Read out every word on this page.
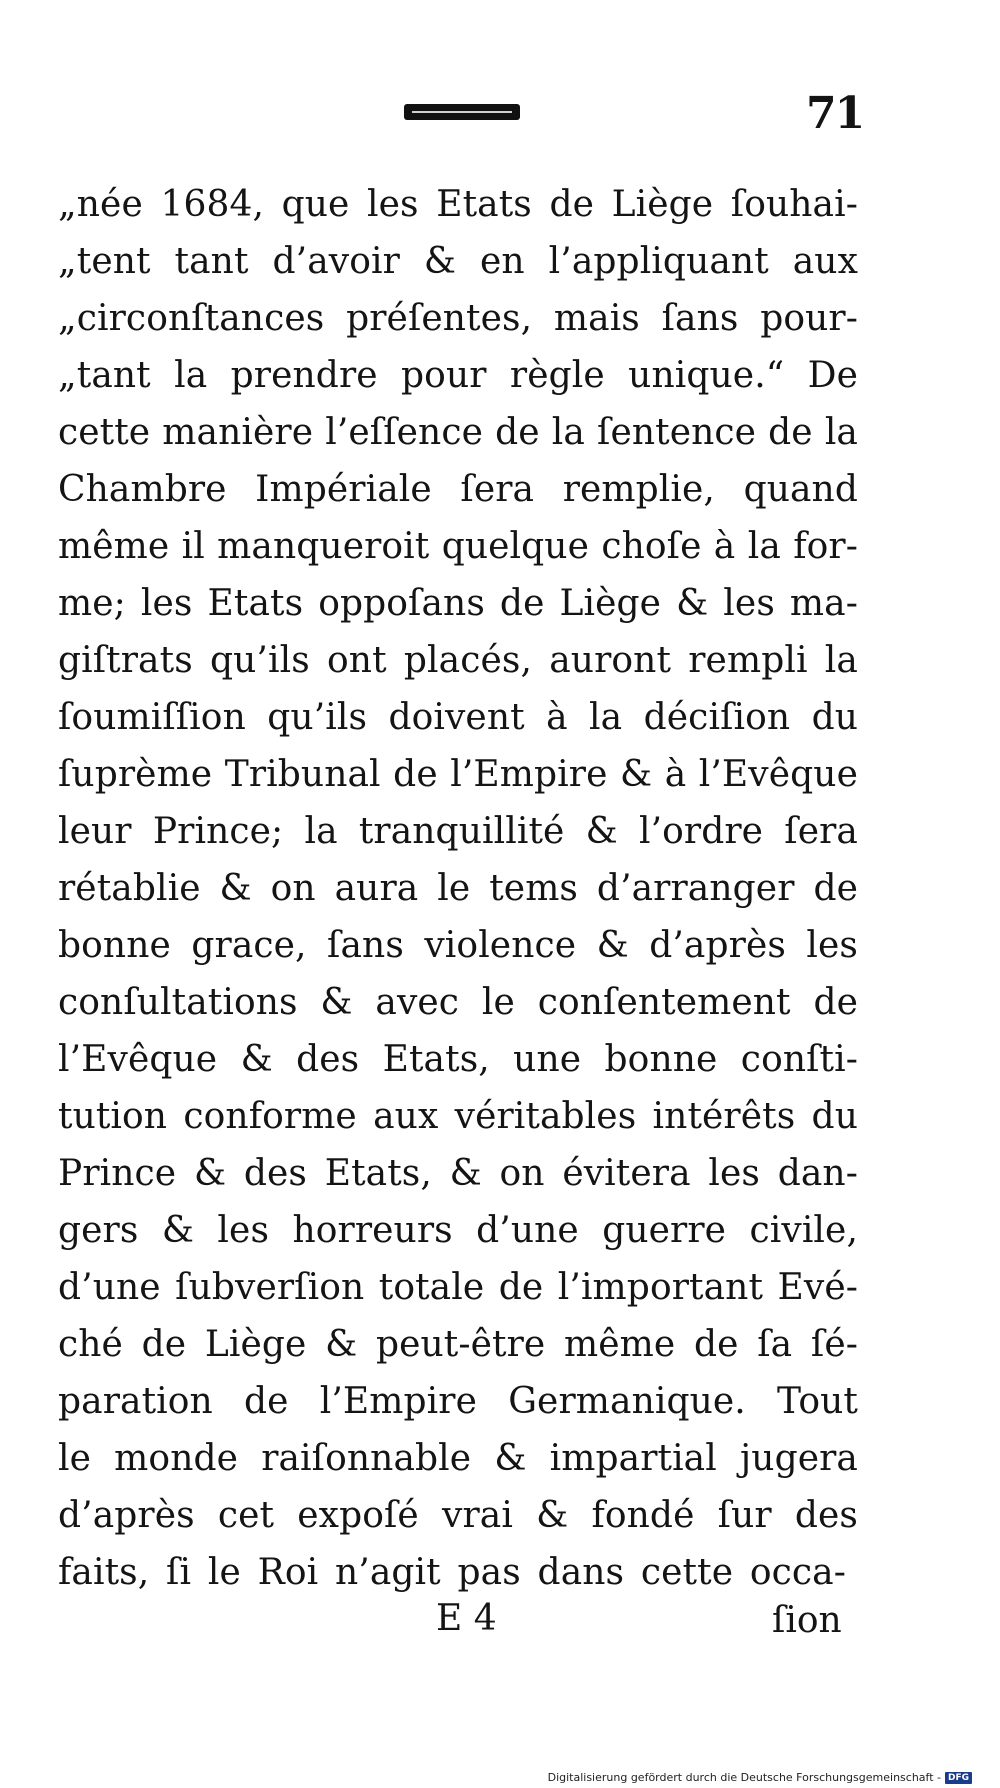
71
„née 1684, que les Etats de Liège ſouhai-
„tent tant d’avoir & en l’appliquant aux
„circonſtances préſentes, mais ſans pour-
„tant la prendre pour règle unique.“ De
cette manière l’eſſence de la ſentence de la
Chambre Impériale ſera remplie, quand
même il manqueroit quelque choſe à la for-
me; les Etats oppoſans de Liège & les ma-
giſtrats qu’ils ont placés, auront rempli la
ſoumiſſion qu’ils doivent à la déciſion du
ſuprème Tribunal de l’Empire & à l’Evêque
leur Prince; la tranquillité & l’ordre ſera
rétablie & on aura le tems d’arranger de
bonne grace, ſans violence & d’après les
conſultations & avec le conſentement de
l’Evêque & des Etats, une bonne conſti-
tution conforme aux véritables intérêts du
Prince & des Etats, & on évitera les dan-
gers & les horreurs d’une guerre civile,
d’une ſubverſion totale de l’important Evé-
ché de Liège & peut-être même de ſa ſé-
paration de l’Empire Germanique. Tout
le monde raiſonnable & impartial jugera
d’après cet expoſé vrai & fondé ſur des
faits, ſi le Roi n’agit pas dans cette occa-
E 4	ſion
Digitalisierung gefördert durch die Deutsche Forschungsgemeinschaft - DFG
